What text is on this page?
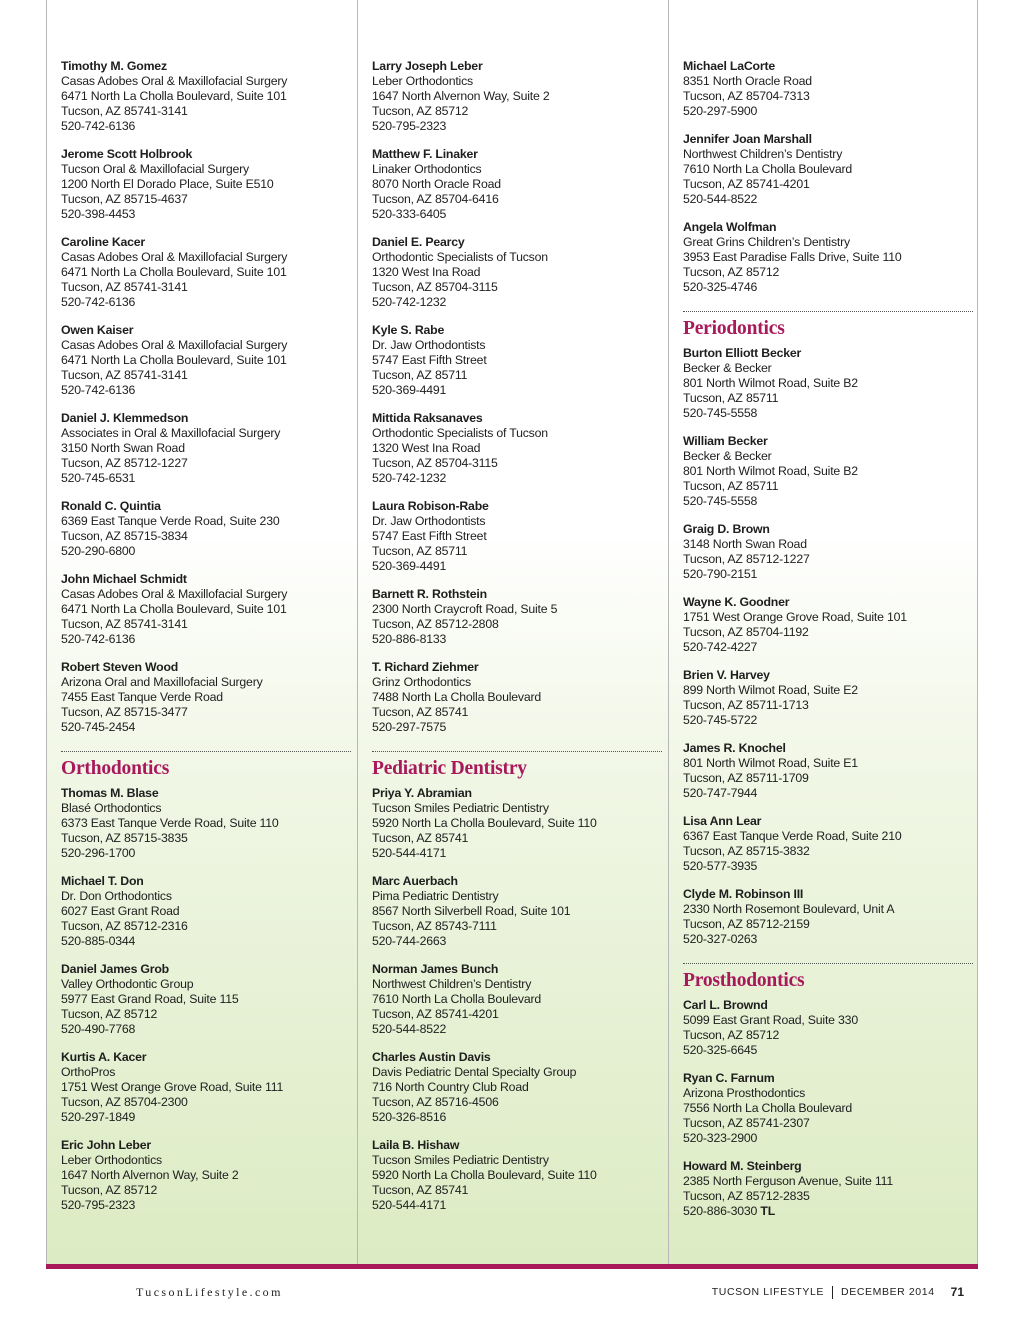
Timothy M. Gomez
Casas Adobes Oral & Maxillofacial Surgery
6471 North La Cholla Boulevard, Suite 101
Tucson, AZ 85741-3141
520-742-6136
Jerome Scott Holbrook
Tucson Oral & Maxillofacial Surgery
1200 North El Dorado Place, Suite E510
Tucson, AZ 85715-4637
520-398-4453
Caroline Kacer
Casas Adobes Oral & Maxillofacial Surgery
6471 North La Cholla Boulevard, Suite 101
Tucson, AZ 85741-3141
520-742-6136
Owen Kaiser
Casas Adobes Oral & Maxillofacial Surgery
6471 North La Cholla Boulevard, Suite 101
Tucson, AZ 85741-3141
520-742-6136
Daniel J. Klemmedson
Associates in Oral & Maxillofacial Surgery
3150 North Swan Road
Tucson, AZ 85712-1227
520-745-6531
Ronald C. Quintia
6369 East Tanque Verde Road, Suite 230
Tucson, AZ 85715-3834
520-290-6800
John Michael Schmidt
Casas Adobes Oral & Maxillofacial Surgery
6471 North La Cholla Boulevard, Suite 101
Tucson, AZ 85741-3141
520-742-6136
Robert Steven Wood
Arizona Oral and Maxillofacial Surgery
7455 East Tanque Verde Road
Tucson, AZ 85715-3477
520-745-2454
Orthodontics
Thomas M. Blase
Blasé Orthodontics
6373 East Tanque Verde Road, Suite 110
Tucson, AZ 85715-3835
520-296-1700
Michael T. Don
Dr. Don Orthodontics
6027 East Grant Road
Tucson, AZ 85712-2316
520-885-0344
Daniel James Grob
Valley Orthodontic Group
5977 East Grand Road, Suite 115
Tucson, AZ 85712
520-490-7768
Kurtis A. Kacer
OrthoPros
1751 West Orange Grove Road, Suite 111
Tucson, AZ 85704-2300
520-297-1849
Eric John Leber
Leber Orthodontics
1647 North Alvernon Way, Suite 2
Tucson, AZ 85712
520-795-2323
Larry Joseph Leber
Leber Orthodontics
1647 North Alvernon Way, Suite 2
Tucson, AZ 85712
520-795-2323
Matthew F. Linaker
Linaker Orthodontics
8070 North Oracle Road
Tucson, AZ 85704-6416
520-333-6405
Daniel E. Pearcy
Orthodontic Specialists of Tucson
1320 West Ina Road
Tucson, AZ 85704-3115
520-742-1232
Kyle S. Rabe
Dr. Jaw Orthodontists
5747 East Fifth Street
Tucson, AZ 85711
520-369-4491
Mittida Raksanaves
Orthodontic Specialists of Tucson
1320 West Ina Road
Tucson, AZ 85704-3115
520-742-1232
Laura Robison-Rabe
Dr. Jaw Orthodontists
5747 East Fifth Street
Tucson, AZ 85711
520-369-4491
Barnett R. Rothstein
2300 North Craycroft Road, Suite 5
Tucson, AZ 85712-2808
520-886-8133
T. Richard Ziehmer
Grinz Orthodontics
7488 North La Cholla Boulevard
Tucson, AZ 85741
520-297-7575
Pediatric Dentistry
Priya Y. Abramian
Tucson Smiles Pediatric Dentistry
5920 North La Cholla Boulevard, Suite 110
Tucson, AZ 85741
520-544-4171
Marc Auerbach
Pima Pediatric Dentistry
8567 North Silverbell Road, Suite 101
Tucson, AZ 85743-7111
520-744-2663
Norman James Bunch
Northwest Children’s Dentistry
7610 North La Cholla Boulevard
Tucson, AZ 85741-4201
520-544-8522
Charles Austin Davis
Davis Pediatric Dental Specialty Group
716 North Country Club Road
Tucson, AZ 85716-4506
520-326-8516
Laila B. Hishaw
Tucson Smiles Pediatric Dentistry
5920 North La Cholla Boulevard, Suite 110
Tucson, AZ 85741
520-544-4171
Michael LaCorte
8351 North Oracle Road
Tucson, AZ 85704-7313
520-297-5900
Jennifer Joan Marshall
Northwest Children’s Dentistry
7610 North La Cholla Boulevard
Tucson, AZ 85741-4201
520-544-8522
Angela Wolfman
Great Grins Children’s Dentistry
3953 East Paradise Falls Drive, Suite 110
Tucson, AZ 85712
520-325-4746
Periodontics
Burton Elliott Becker
Becker & Becker
801 North Wilmot Road, Suite B2
Tucson, AZ 85711
520-745-5558
William Becker
Becker & Becker
801 North Wilmot Road, Suite B2
Tucson, AZ 85711
520-745-5558
Graig D. Brown
3148 North Swan Road
Tucson, AZ 85712-1227
520-790-2151
Wayne K. Goodner
1751 West Orange Grove Road, Suite 101
Tucson, AZ 85704-1192
520-742-4227
Brien V. Harvey
899 North Wilmot Road, Suite E2
Tucson, AZ 85711-1713
520-745-5722
James R. Knochel
801 North Wilmot Road, Suite E1
Tucson, AZ 85711-1709
520-747-7944
Lisa Ann Lear
6367 East Tanque Verde Road, Suite 210
Tucson, AZ 85715-3832
520-577-3935
Clyde M. Robinson III
2330 North Rosemont Boulevard, Unit A
Tucson, AZ 85712-2159
520-327-0263
Prosthodontics
Carl L. Brownd
5099 East Grant Road, Suite 330
Tucson, AZ 85712
520-325-6645
Ryan C. Farnum
Arizona Prosthodontics
7556 North La Cholla Boulevard
Tucson, AZ 85741-2307
520-323-2900
Howard M. Steinberg
2385 North Ferguson Avenue, Suite 111
Tucson, AZ 85712-2835
520-886-3030 TL
TucsonLifestyle.com	TUCSON LIFESTYLE DECEMBER 2014 71
